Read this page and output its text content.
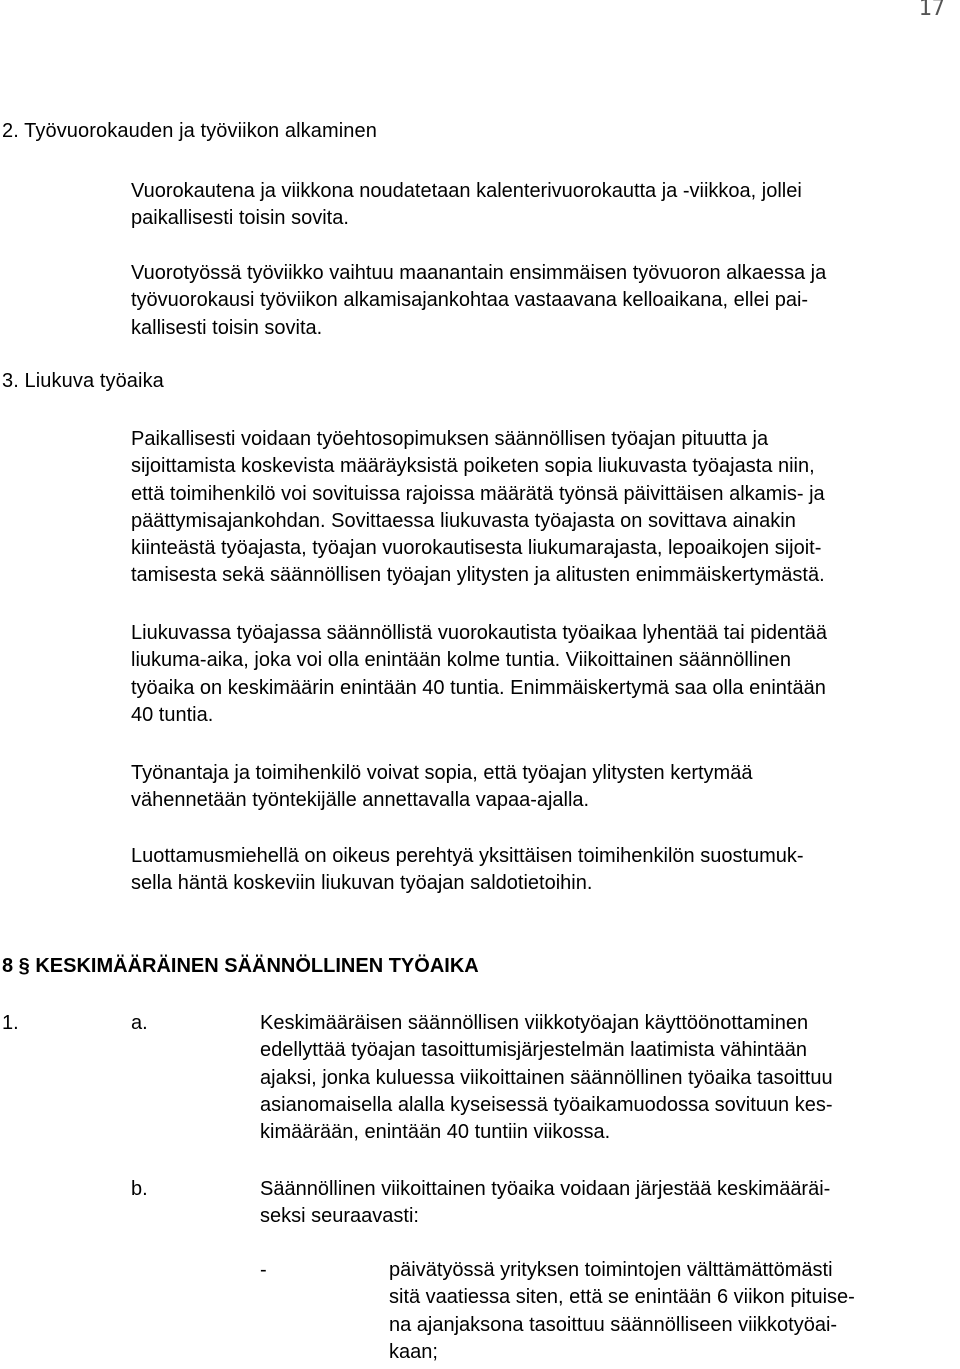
17
2. Työvuorokauden ja työviikon alkaminen
Vuorokautena ja viikkona noudatetaan kalenterivuorokautta ja -viikkoa, jollei
paikallisesti toisin sovita.
Vuorotyössä työviikko vaihtuu maanantain ensimmäisen työvuoron alkaessa ja
työvuorokausi työviikon alkamisajankohtaa vastaavana kelloaikana, ellei pai-
kallisesti toisin sovita.
3. Liukuva työaika
Paikallisesti voidaan työehtosopimuksen säännöllisen työajan pituutta ja
sijoittamista koskevista määräyksistä poiketen sopia liukuvasta työajasta niin,
että toimihenkilö voi sovituissa rajoissa määrätä työnsä päivittäisen alkamis- ja
päättymisajankohdan. Sovittaessa liukuvasta työajasta on sovittava ainakin
kiinteästä työajasta, työajan vuorokautisesta liukumarajasta, lepoaikojen sijoit-
tamisesta sekä säännöllisen työajan ylitysten ja alitusten enimmäiskertymästä.
Liukuvassa työajassa säännöllistä vuorokautista työaikaa lyhentää tai pidentää
liukuma-aika, joka voi olla enintään kolme tuntia. Viikoittainen säännöllinen
työaika on keskimäärin enintään 40 tuntia. Enimmäiskertymä saa olla enintään
40 tuntia.
Työnantaja ja toimihenkilö voivat sopia, että työajan ylitysten kertymää
vähennetään työntekijälle annettavalla vapaa-ajalla.
Luottamusmiehellä on oikeus perehtyä yksittäisen toimihenkilön suostumuk-
sella häntä koskeviin liukuvan työajan saldotietoihin.
8 § KESKIMÄÄRÄINEN SÄÄNNÖLLINEN TYÖAIKA
1.	a.	Keskimääräisen säännöllisen viikkotyöajan käyttöönottaminen
edellyttää työajan tasoittumisjärjestelmän laatimista vähintään
ajaksi, jonka kuluessa viikoittainen säännöllinen työaika tasoittuu
asianomaisella alalla kyseisessä työaikamuodossa sovituun kes-
kimäärään, enintään 40 tuntiin viikossa.
b.	Säännöllinen viikoittainen työaika voidaan järjestää keskimääräi-
seksi seuraavasti:
-	päivätyössä yrityksen toimintojen välttämättömästi
sitä vaatiessa siten, että se enintään 6 viikon pituise-
na ajanjaksona tasoittuu säännölliseen viikkotyöai-
kaan;
